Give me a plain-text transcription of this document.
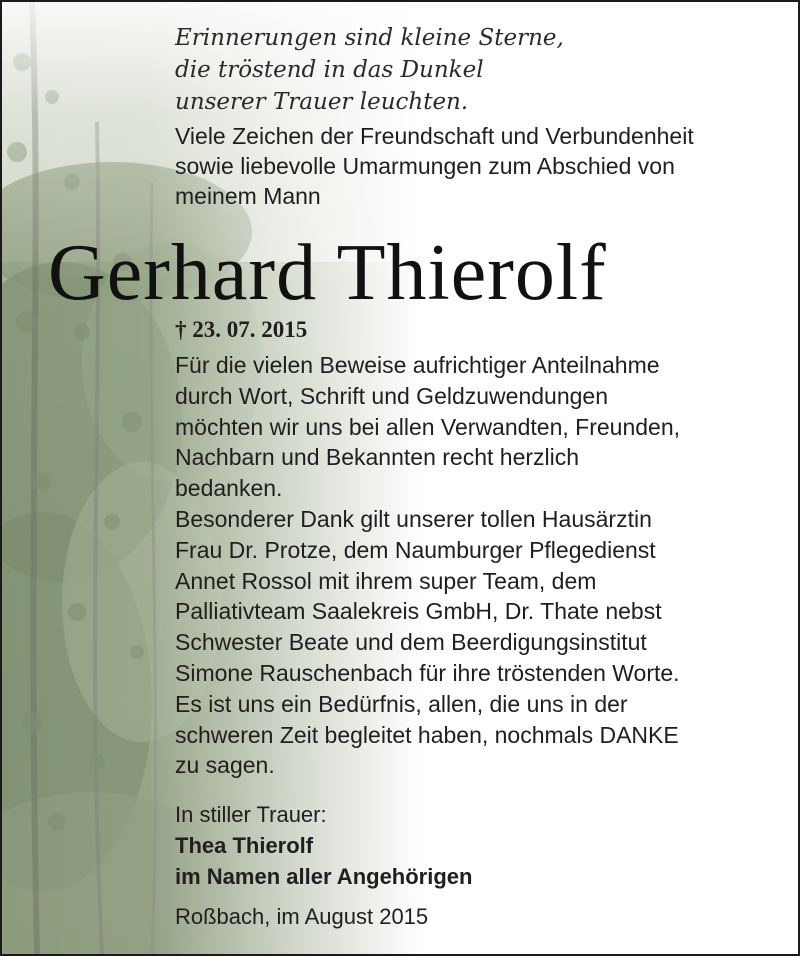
Erinnerungen sind kleine Sterne,
die tröstend in das Dunkel
unserer Trauer leuchten.
Viele Zeichen der Freundschaft und Verbundenheit
sowie liebevolle Umarmungen zum Abschied von
meinem Mann
Gerhard Thierolf
† 23. 07. 2015
Für die vielen Beweise aufrichtiger Anteilnahme
durch Wort, Schrift und Geldzuwendungen
möchten wir uns bei allen Verwandten, Freunden,
Nachbarn und Bekannten recht herzlich
bedanken.
Besonderer Dank gilt unserer tollen Hausärztin
Frau Dr. Protze, dem Naumburger Pflegedienst
Annet Rossol mit ihrem super Team, dem
Palliativteam Saalekreis GmbH, Dr. Thate nebst
Schwester Beate und dem Beerdigungsinstitut
Simone Rauschenbach für ihre tröstenden Worte.
Es ist uns ein Bedürfnis, allen, die uns in der
schweren Zeit begleitet haben, nochmals DANKE
zu sagen.
In stiller Trauer:
Thea Thierolf
im Namen aller Angehörigen
Roßbach, im August 2015
